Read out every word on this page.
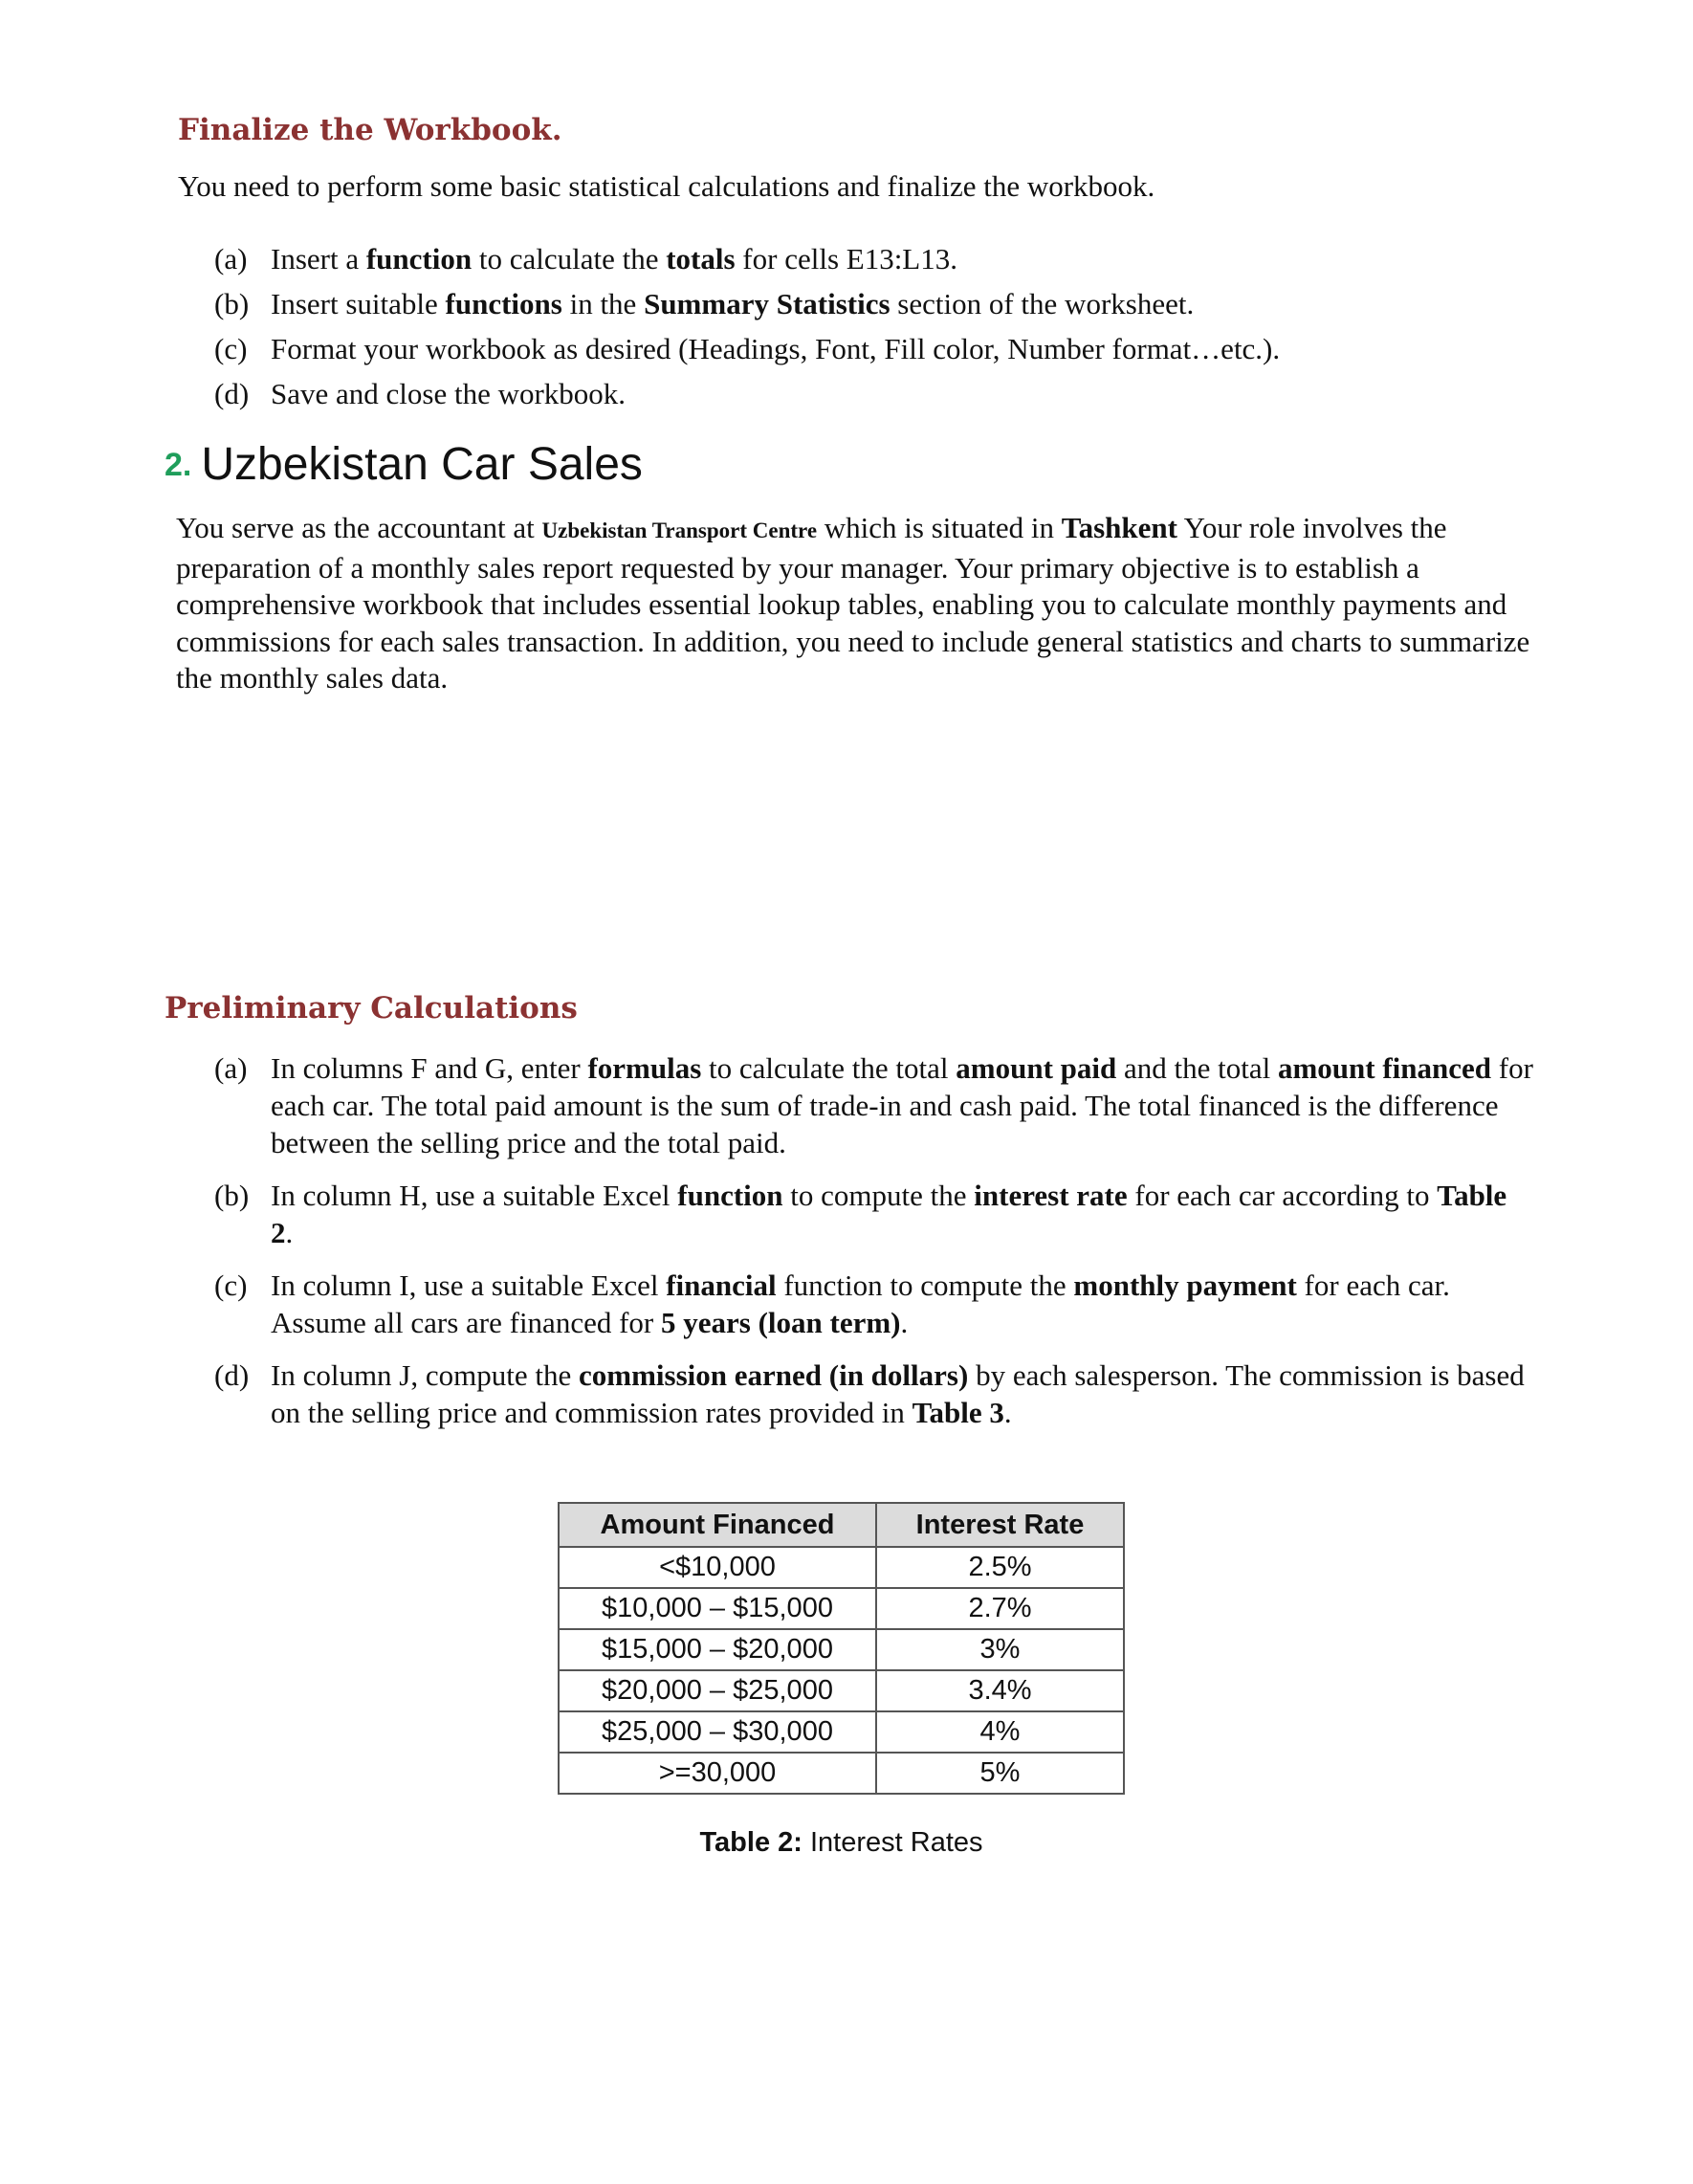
Finalize the Workbook.
You need to perform some basic statistical calculations and finalize the workbook.
(a) Insert a function to calculate the totals for cells E13:L13.
(b) Insert suitable functions in the Summary Statistics section of the worksheet.
(c) Format your workbook as desired (Headings, Font, Fill color, Number format…etc.).
(d) Save and close the workbook.
2. Uzbekistan Car Sales
You serve as the accountant at Uzbekistan Transport Centre which is situated in Tashkent Your role involves the preparation of a monthly sales report requested by your manager. Your primary objective is to establish a comprehensive workbook that includes essential lookup tables, enabling you to calculate monthly payments and commissions for each sales transaction. In addition, you need to include general statistics and charts to summarize the monthly sales data.
Preliminary Calculations
(a) In columns F and G, enter formulas to calculate the total amount paid and the total amount financed for each car. The total paid amount is the sum of trade-in and cash paid. The total financed is the difference between the selling price and the total paid.
(b) In column H, use a suitable Excel function to compute the interest rate for each car according to Table 2.
(c) In column I, use a suitable Excel financial function to compute the monthly payment for each car. Assume all cars are financed for 5 years (loan term).
(d) In column J, compute the commission earned (in dollars) by each salesperson. The commission is based on the selling price and commission rates provided in Table 3.
Amount Financed	Interest Rate
<$10,000	2.5%
$10,000 – $15,000	2.7%
$15,000 – $20,000	3%
$20,000 – $25,000	3.4%
$25,000 – $30,000	4%
>=30,000	5%
Table 2: Interest Rates
